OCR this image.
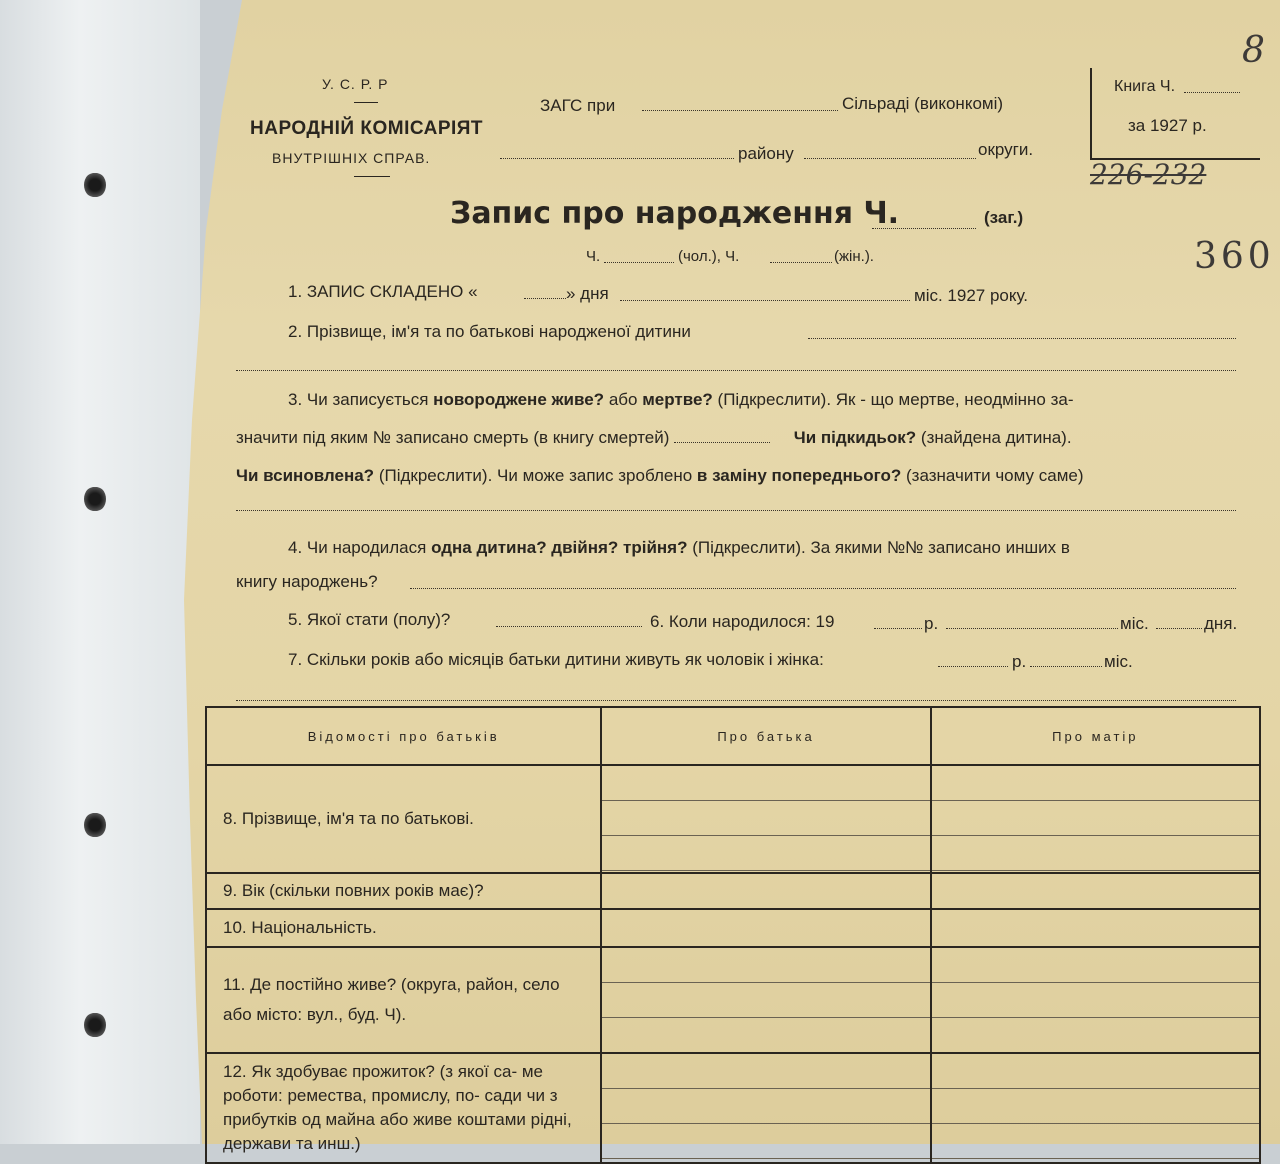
У. С. Р. Р
НАРОДНІЙ КОМІСАРІЯТ
ВНУТРІШНІХ СПРАВ.
ЗАГС при	Сільраді (виконкомі)
району	округи.
Книга Ч.
за 1927 р.
8
226-232
360
Запис про народження Ч.	(заг.)
Ч.	(чол.), Ч.	(жін.).
1. ЗАПИС СКЛАДЕНО «	» дня	міс. 1927 року.
2. Прізвище, ім'я та по батькові народженої дитини
3. Чи записується новороджене живе? або мертве? (Підкреслити). Як - що мертве, неодмінно за-
значити під яким № записано смерть (в книгу смертей)	Чи підкидьок? (знайдена дитина).
Чи всиновлена? (Підкреслити). Чи може запис зроблено в заміну попереднього? (зазначити чому саме)
4. Чи народилася одна дитина? двійня? трійня? (Підкреслити). За якими №№ записано инших в
книгу народжень?
5. Якої стати (полу)?	6. Коли народилося: 19	р.	міс.	дня.
7. Скільки років або місяців батьки дитини живуть як чоловік і жінка:	р.	міс.
Відомості про батьків	Про батька	Про матір
8. Прізвище, ім'я та по батькові.		
9. Вік (скільки повних років має)?		
10. Національність.		
11. Де постійно живе? (округа, район, село або місто: вул., буд. Ч).		
12. Як здобуває прожиток? (з якої са- ме роботи: ремества, промислу, по- сади чи з прибутків од майна або живе коштами рідні, держави та инш.)		
